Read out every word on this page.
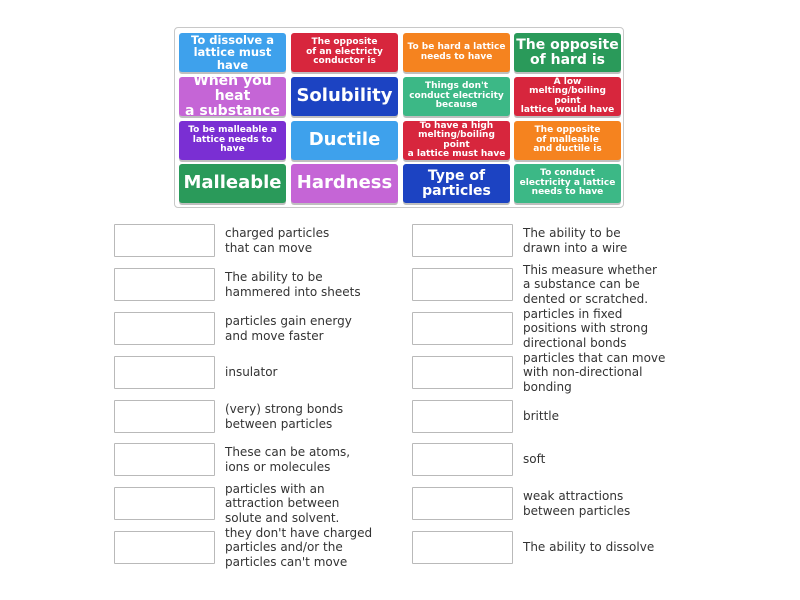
To dissolve a
lattice must have
The opposite
of an electricty
conductor is
To be hard a lattice
needs to have
The opposite
of hard is
When you heat
a substance
Solubility	Things don't
conduct electricity
because
A low
melting/boiling point
lattice would have
To be malleable a
lattice needs to have	Ductile
To have a high
melting/boiling point
a lattice must have
The opposite
of malleable
and ductile is
Malleable Hardness	Type of
particles
To conduct
electricity a lattice
needs to have
charged particles
that can move
The ability to be
hammered into sheets
particles gain energy
and move faster
insulator
(very) strong bonds
between particles
These can be atoms,
ions or molecules
particles with an
attraction between
solute and solvent.
they don't have charged
particles and/or the
particles can't move
The ability to be
drawn into a wire
This measure whether
a substance can be
dented or scratched.
particles in fixed
positions with strong
directional bonds
particles that can move
with non-directional
bonding
brittle
soft
weak attractions
between particles
The ability to dissolve
